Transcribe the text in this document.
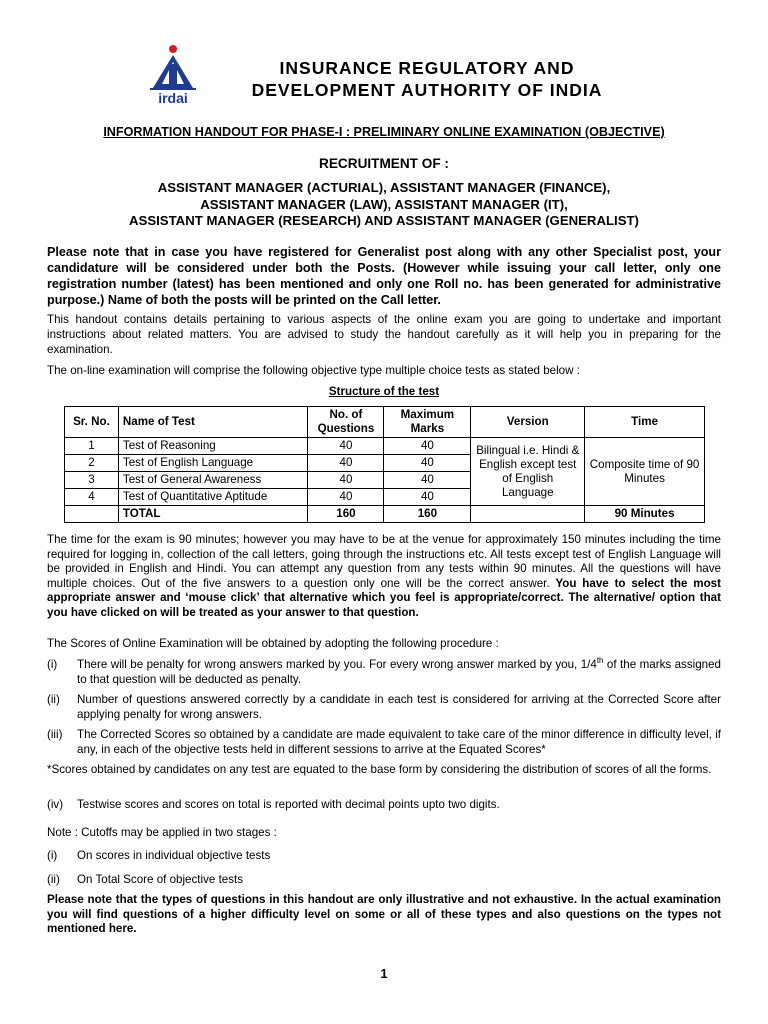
irdai
INSURANCE REGULATORY AND
DEVELOPMENT AUTHORITY OF INDIA
INFORMATION HANDOUT FOR PHASE-I : PRELIMINARY ONLINE EXAMINATION (OBJECTIVE)
RECRUITMENT OF :
ASSISTANT MANAGER (ACTURIAL), ASSISTANT MANAGER (FINANCE),
ASSISTANT MANAGER (LAW), ASSISTANT MANAGER (IT),
ASSISTANT MANAGER (RESEARCH) AND ASSISTANT MANAGER (GENERALIST)
Please note that in case you have registered for Generalist post along with any other Specialist post, your candidature will be considered under both the Posts. (However while issuing your call letter, only one registration number (latest) has been mentioned and only one Roll no. has been generated for administrative purpose.) Name of both the posts will be printed on the Call letter.
This handout contains details pertaining to various aspects of the online exam you are going to undertake and important instructions about related matters. You are advised to study the handout carefully as it will help you in preparing for the examination.
The on-line examination will comprise the following objective type multiple choice tests as stated below :
Structure of the test
Sr. No.	Name of Test	No. of Questions	Maximum Marks	Version	Time
1	Test of Reasoning	40	40	Bilingual i.e. Hindi & English except test of English Language	Composite time of 90 Minutes
2	Test of English Language	40	40		
3	Test of General Awareness	40	40		
4	Test of Quantitative Aptitude	40	40		
	TOTAL	160	160		90 Minutes
The time for the exam is 90 minutes; however you may have to be at the venue for approximately 150 minutes including the time required for logging in, collection of the call letters, going through the instructions etc. All tests except test of English Language will be provided in English and Hindi. You can attempt any question from any tests within 90 minutes. All the questions will have multiple choices. Out of the five answers to a question only one will be the correct answer. You have to select the most appropriate answer and ‘mouse click’ that alternative which you feel is appropriate/correct. The alternative/ option that you have clicked on will be treated as your answer to that question.
The Scores of Online Examination will be obtained by adopting the following procedure :
(i)	There will be penalty for wrong answers marked by you. For every wrong answer marked by you, 1/4th of the marks assigned to that question will be deducted as penalty.
(ii)	Number of questions answered correctly by a candidate in each test is considered for arriving at the Corrected Score after applying penalty for wrong answers.
(iii)	The Corrected Scores so obtained by a candidate are made equivalent to take care of the minor difference in difficulty level, if any, in each of the objective tests held in different sessions to arrive at the Equated Scores*
*Scores obtained by candidates on any test are equated to the base form by considering the distribution of scores of all the forms.
(iv)	Testwise scores and scores on total is reported with decimal points upto two digits.
Note : Cutoffs may be applied in two stages :
(i)	On scores in individual objective tests
(ii)	On Total Score of objective tests
Please note that the types of questions in this handout are only illustrative and not exhaustive. In the actual examination you will find questions of a higher difficulty level on some or all of these types and also questions on the types not mentioned here.
1
